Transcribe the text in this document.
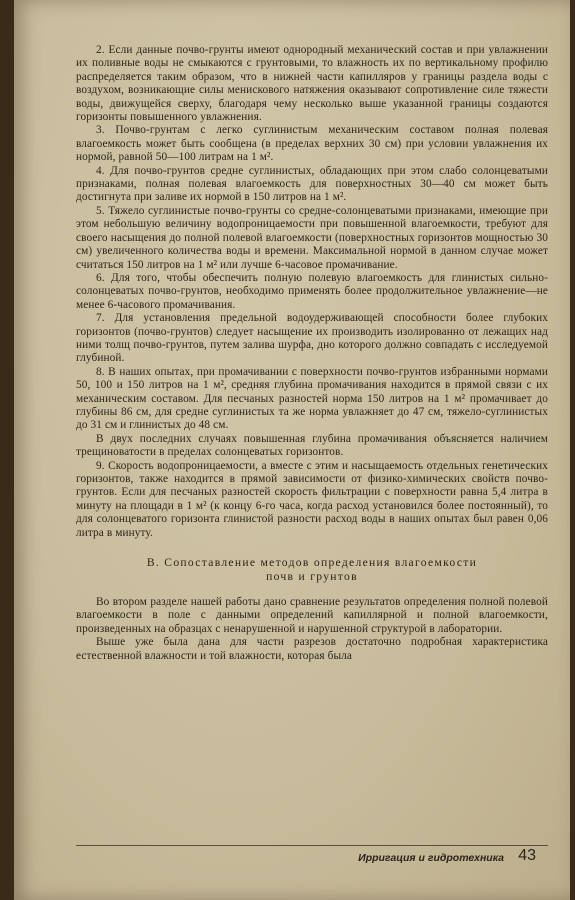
2. Если данные почво-грунты имеют однородный механический состав и при увлажнении их поливные воды не смыкаются с грунтовыми, то влажность их по вертикальному профилю распределяется таким образом, что в нижней части капилляров у границы раздела воды с воздухом, возникающие силы менискового натяжения оказывают сопротивление силе тяжести воды, движущейся сверху, благодаря чему несколько выше указанной границы создаются горизонты повышенного увлажнения.

3. Почво-грунтам с легко суглинистым механическим составом полная полевая влагоемкость может быть сообщена (в пределах верхних 30 см) при условии увлажнения их нормой, равной 50—100 литрам на 1 м².

4. Для почво-грунтов средне суглинистых, обладающих при этом слабо солонцеватыми признаками, полная полевая влагоемкость для поверхностных 30—40 см может быть достигнута при заливе их нормой в 150 литров на 1 м².

5. Тяжело суглинистые почво-грунты со средне-солонцеватыми признаками, имеющие при этом небольшую величину водопроницаемости при повышенной влагоемкости, требуют для своего насыщения до полной полевой влагоемкости (поверхностных горизонтов мощностью 30 см) увеличенного количества воды и времени. Максимальной нормой в данном случае может считаться 150 литров на 1 м² или лучше 6-часовое промачивание.

6. Для того, чтобы обеспечить полную полевую влагоемкость для глинистых сильно-солонцеватых почво-грунтов, необходимо применять более продолжительное увлажнение—не менее 6-часового промачивания.

7. Для установления предельной водоудерживающей способности более глубоких горизонтов (почво-грунтов) следует насыщение их производить изолированно от лежащих над ними толщ почво-грунтов, путем залива шурфа, дно которого должно совпадать с исследуемой глубиной.

8. В наших опытах, при промачивании с поверхности почво-грунтов избранными нормами 50, 100 и 150 литров на 1 м², средняя глубина промачивания находится в прямой связи с их механическим составом. Для песчаных разностей норма 150 литров на 1 м² промачивает до глубины 86 см, для средне суглинистых та же норма увлажняет до 47 см, тяжело-суглинистых до 31 см и глинистых до 48 см.

В двух последних случаях повышенная глубина промачивания объясняется наличием трещиноватости в пределах солонцеватых горизонтов.

9. Скорость водопроницаемости, а вместе с этим и насыщаемость отдельных генетических горизонтов, также находится в прямой зависимости от физико-химических свойств почво-грунтов. Если для песчаных разностей скорость фильтрации с поверхности равна 5,4 литра в минуту на площади в 1 м² (к концу 6-го часа, когда расход установился более постоянный), то для солонцеватого горизонта глинистой разности расход воды в наших опытах был равен 0,06 литра в минуту.

В. Сопоставление методов определения влагоемкости
почв и грунтов

Во втором разделе нашей работы дано сравнение результатов определения полной полевой влагоемкости в поле с данными определений капиллярной и полной влагоемкости, произведенных на образцах с ненарушенной и нарушенной структурой в лаборатории.

Выше уже была дана для части разрезов достаточно подробная характеристика естественной влажности и той влажности, которая была

Ирригация и гидротехника 43
